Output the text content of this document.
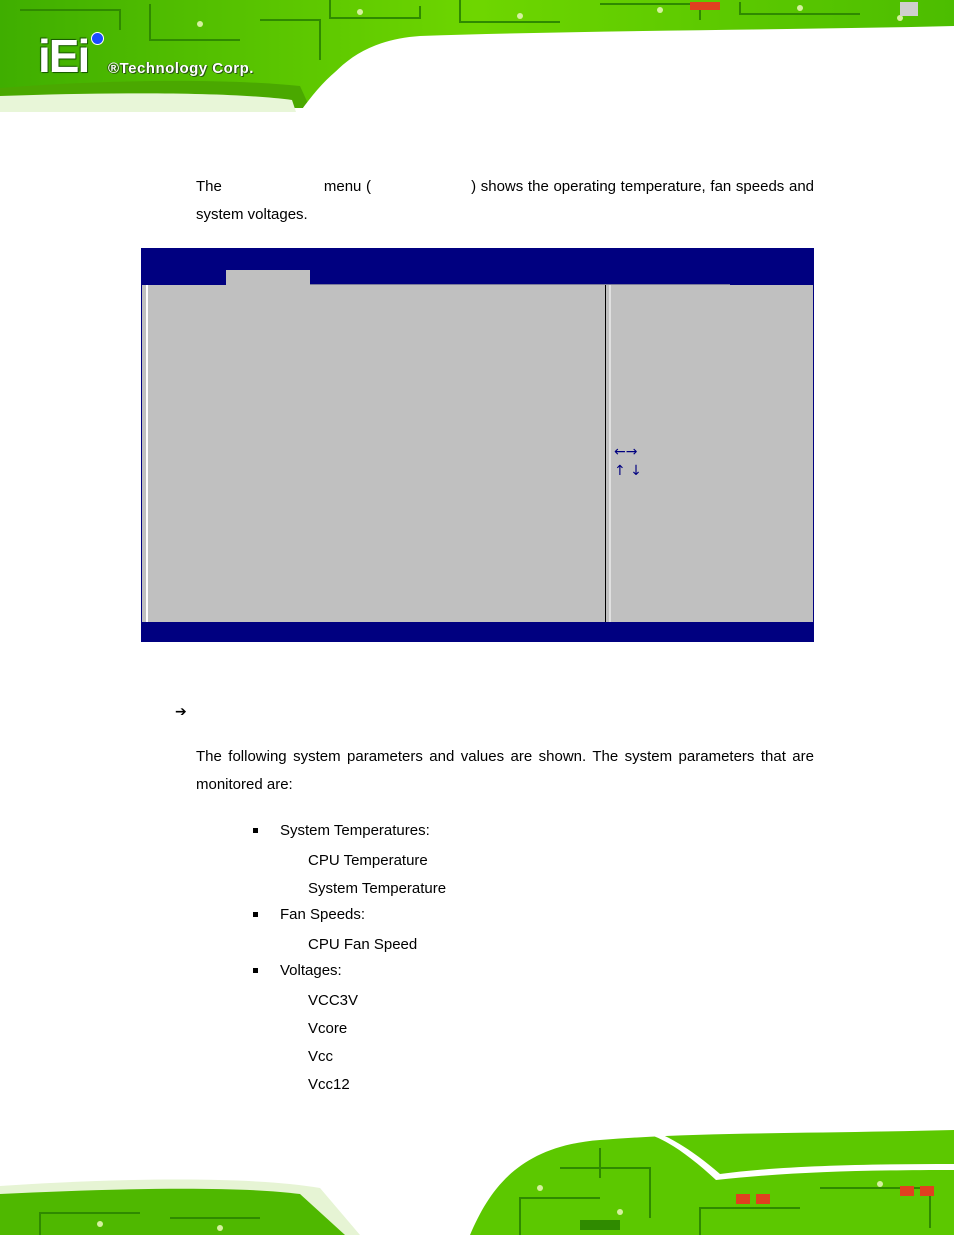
iEi ®Technology Corp.
The	menu (	) shows the operating temperature, fan speeds and system voltages.
←→
↑ ↓
➔
The following system parameters and values are shown. The system parameters that are monitored are:
System Temperatures:
CPU Temperature
System Temperature
Fan Speeds:
CPU Fan Speed
Voltages:
VCC3V
Vcore
Vcc
Vcc12
